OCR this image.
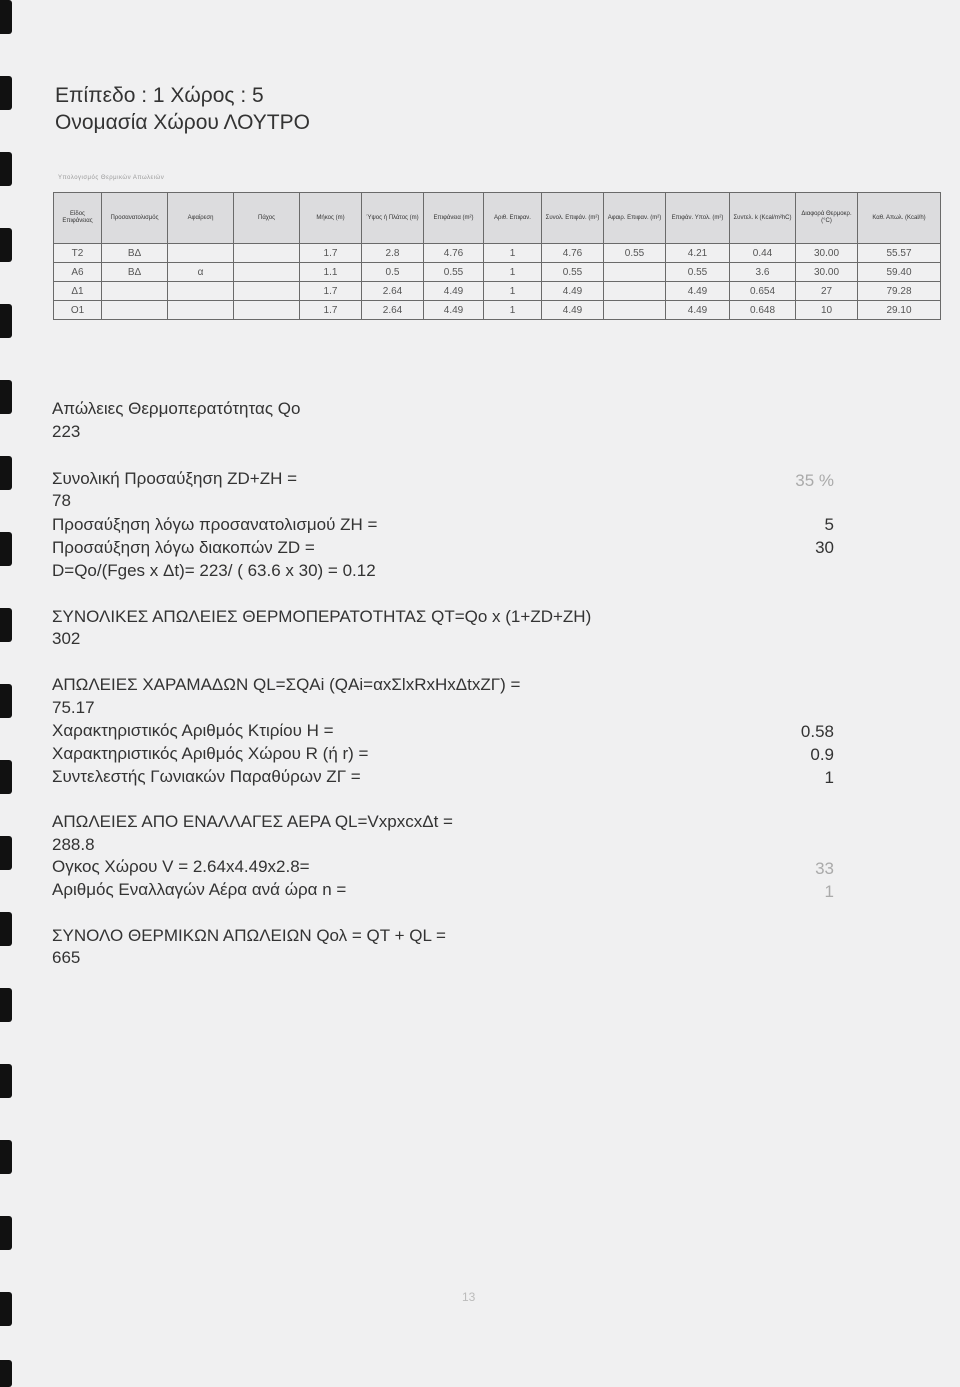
Επίπεδο : 1 Χώρος : 5
Ονομασία Χώρου ΛΟΥΤΡΟ
Υπολογισμός Θερμικών Απωλειών
Είδος Επιφάνειας	Προσανατολισμός	Αφαίρεση	Πάχος	Μήκος (m)	Ύψος ή Πλάτος (m)	Επιφάνεια (m²)	Αριθ. Επιφαν.	Συνολ. Επιφάν. (m²)	Αφαιρ. Επιφαν. (m²)	Επιφάν. Υπολ. (m²)	Συντελ. k (Kcal/m²hC)	Διαφορά Θερμοκρ. (°C)	Καθ. Απωλ. (Kcal/h)
T2	ΒΔ			1.7	2.8	4.76	1	4.76	0.55	4.21	0.44	30.00	55.57
A6	ΒΔ	α		1.1	0.5	0.55	1	0.55		0.55	3.6	30.00	59.40
Δ1				1.7	2.64	4.49	1	4.49		4.49	0.654	27	79.28
O1				1.7	2.64	4.49	1	4.49		4.49	0.648	10	29.10
Απώλειες Θερμοπερατότητας Qo
223
Συνολική Προσαύξηση ZD+ZH =	35 %
78
Προσαύξηση λόγω προσανατολισμού ZH =	5
Προσαύξηση λόγω διακοπών ZD =	30
D=Qo/(Fges x Δt)= 223/ ( 63.6 x 30) = 0.12
ΣΥΝΟΛΙΚΕΣ ΑΠΩΛΕΙΕΣ ΘΕΡΜΟΠΕΡΑΤΟΤΗΤΑΣ QT=Qo x (1+ZD+ZH)
302
ΑΠΩΛΕΙΕΣ ΧΑΡΑΜΑΔΩΝ QL=ΣQAi (QAi=αxΣlxRxHxΔtxZΓ) =
75.17
Χαρακτηριστικός Αριθμός Κτιρίου H =	0.58
Χαρακτηριστικός Αριθμός Χώρου R (ή r) =	0.9
Συντελεστής Γωνιακών Παραθύρων ZΓ =	1
ΑΠΩΛΕΙΕΣ ΑΠΟ ΕΝΑΛΛΑΓΕΣ ΑΕΡΑ QL=VxpxcxΔt =
288.8
Ογκος Χώρου V = 2.64x4.49x2.8=	33
Αριθμός Εναλλαγών Αέρα ανά ώρα n =	1
ΣΥΝΟΛΟ ΘΕΡΜΙΚΩΝ ΑΠΩΛΕΙΩΝ Qολ = QT + QL =
665
13
